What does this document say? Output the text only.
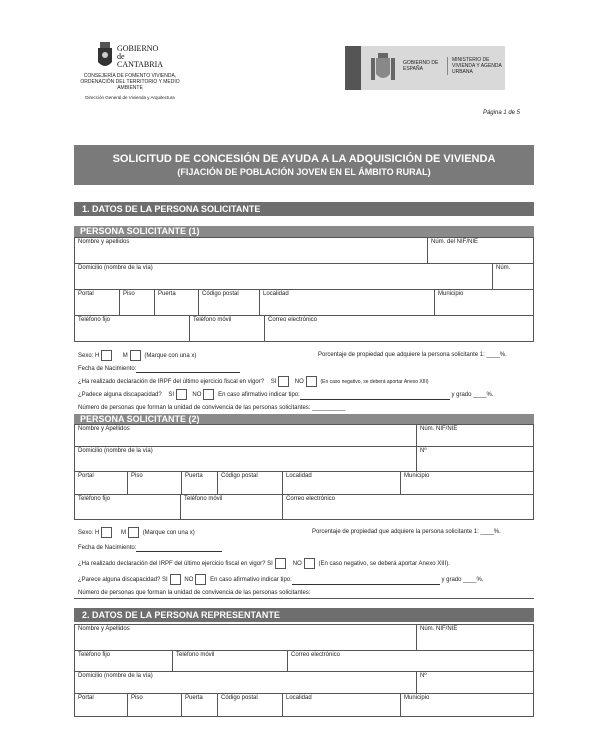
GOBIERNO
de
CANTABRIA
CONSEJERÍA DE FOMENTO VIVIENDA, ORDENACIÓN DEL TERRITORIO Y MEDIO AMBIENTE
Dirección General de Vivienda y Arquitectura
GOBIERNO DE ESPAÑA
MINISTERIO DE VIVIENDA Y AGENDA URBANA
Página 1 de 5
SOLICITUD DE CONCESIÓN DE AYUDA A LA ADQUISICIÓN DE VIVIENDA
(FIJACIÓN DE POBLACIÓN JOVEN EN EL ÁMBITO RURAL)
1. DATOS DE LA PERSONA SOLICITANTE
PERSONA SOLICITANTE (1)
Nombre y apellidos	Núm. del NIF/NIE
Domicilio (nombre de la vía)	Núm.
Portal	Piso	Puerta	Código postal	Localidad	Municipio
Teléfono fijo	Teléfono móvil	Correo electrónico
Sexo: H	M	(Marque con una x)	Porcentaje de propiedad que adquiere la persona solicitante 1: ____%.
Fecha de Nacimiento:
¿Ha realizado declaración de IRPF del último ejercicio fiscal en vigor? SI	NO	(En caso negativo, se deberá aportar Anexo XIII)
¿Padece alguna discapacidad? SI	NO	En caso afirmativo indicar tipo:	y grado ____%.
Número de personas que forman la unidad de convivencia de las personas solicitantes: __________
PERSONA SOLICITANTE (2)
Nombre y Apellidos	Núm. NIF/NIE
Domicilio (nombre de la vía)	Nº
Portal	Piso	Puerta	Código postal	Localidad	Municipio
Teléfono fijo	Teléfono móvil	Correo electrónico
Sexo: H	M	(Marque con una x)	Porcentaje de propiedad que adquiere la persona solicitante 1: ____%.
Fecha de Nacimiento:
¿Ha realizado declaración del IRPF del último ejercicio fiscal en vigor? SI	NO	(En caso negativo, se deberá aportar Anexo XIII).
¿Parece alguna discapacidad? SI	NO	En caso afirmativo indicar tipo:	y grado ____%.
Número de personas que forman la unidad de convivencia de las personas solicitantes:
2. DATOS DE LA PERSONA REPRESENTANTE
Nombre y Apellidos	Núm. NIF/NIE
Teléfono fijo	Teléfono móvil	Correo electrónico
Domicilio (nombre de la vía)	Nº
Portal	Piso	Puerta	Código postal	Localidad	Municipio
